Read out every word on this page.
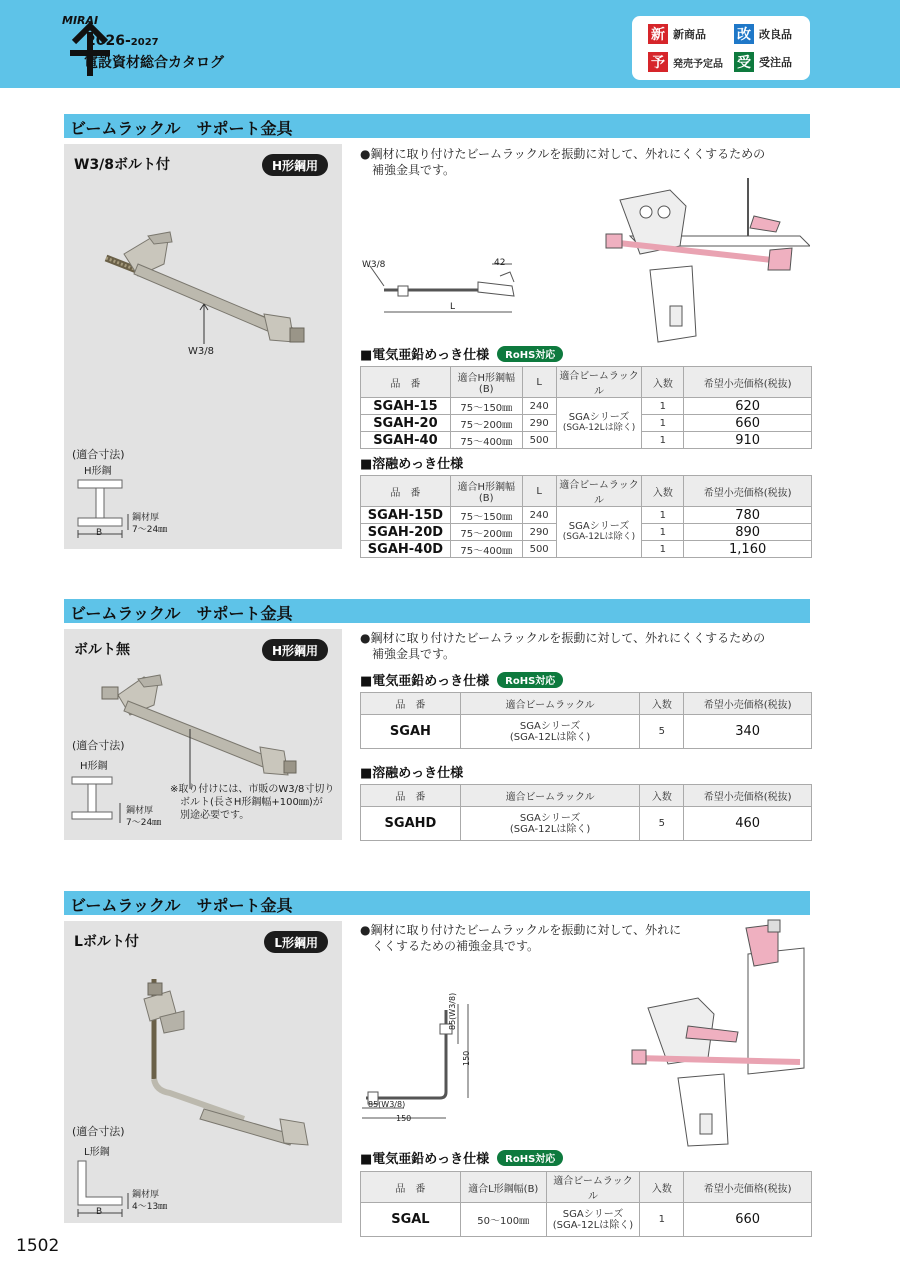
MIRAI
2026-2027
電設資材総合カタログ
新 新商品 改 改良品
予 発売予定品 受 受注品
ビームラックル　サポート金具
W3/8ボルト付	H形鋼用
W3/8
(適合寸法)
H形鋼
B
鋼材厚
7～24㎜
●鋼材に取り付けたビームラックルを振動に対して、外れにくくするための
　補強金具です。
W3/8	42
L
■電気亜鉛めっき仕様	RoHS対応
品　番	適合H形鋼幅(B)	L	適合ビームラックル	入数	希望小売価格(税抜)
SGAH-15	75～150㎜	240	SGAシリーズ
(SGA-12Lは除く)	1	620
SGAH-20	75～200㎜	290		1	660
SGAH-40	75～400㎜	500		1	910
■溶融めっき仕様
品　番	適合H形鋼幅(B)	L	適合ビームラックル	入数	希望小売価格(税抜)
SGAH-15D	75～150㎜	240	SGAシリーズ
(SGA-12Lは除く)	1	780
SGAH-20D	75～200㎜	290		1	890
SGAH-40D	75～400㎜	500		1	1,160
ビームラックル　サポート金具
ボルト無	H形鋼用
(適合寸法)
H形鋼
鋼材厚
7～24㎜
※取り付けには、市販のW3/8寸切り
　ボルト(長さH形鋼幅+100㎜)が
　別途必要です。
●鋼材に取り付けたビームラックルを振動に対して、外れにくくするための
　補強金具です。
■電気亜鉛めっき仕様	RoHS対応
品　番	適合ビームラックル	入数	希望小売価格(税抜)
SGAH	SGAシリーズ
(SGA-12Lは除く)	5	340
■溶融めっき仕様
品　番	適合ビームラックル	入数	希望小売価格(税抜)
SGAHD	SGAシリーズ
(SGA-12Lは除く)	5	460
ビームラックル　サポート金具
Lボルト付	L形鋼用
(適合寸法)
L形鋼
B
鋼材厚
4～13㎜
●鋼材に取り付けたビームラックルを振動に対して、外れに
　くくするための補強金具です。
85(W3/8)
150
85(W3/8)
150
■電気亜鉛めっき仕様	RoHS対応
品　番	適合L形鋼幅(B)	適合ビームラックル	入数	希望小売価格(税抜)
SGAL	50～100㎜	SGAシリーズ
(SGA-12Lは除く)	1	660
1502
